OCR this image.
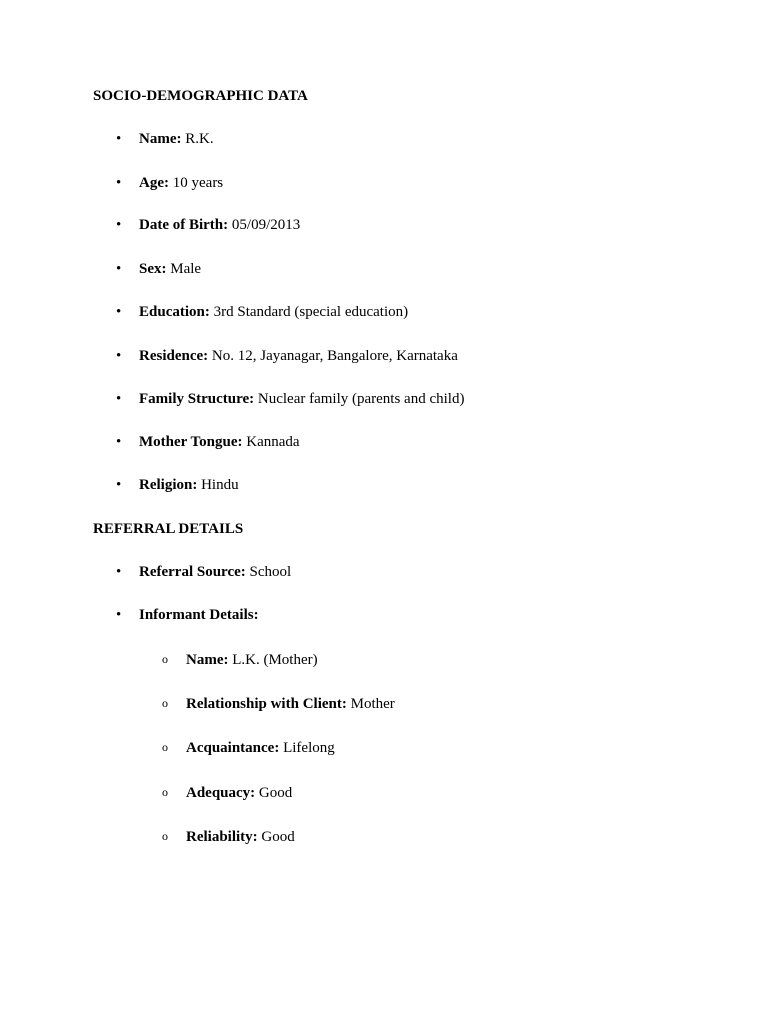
SOCIO-DEMOGRAPHIC DATA
• Name: R.K.
• Age: 10 years
• Date of Birth: 05/09/2013
• Sex: Male
• Education: 3rd Standard (special education)
• Residence: No. 12, Jayanagar, Bangalore, Karnataka
• Family Structure: Nuclear family (parents and child)
• Mother Tongue: Kannada
• Religion: Hindu
REFERRAL DETAILS
• Referral Source: School
• Informant Details:
o Name: L.K. (Mother)
o Relationship with Client: Mother
o Acquaintance: Lifelong
o Adequacy: Good
o Reliability: Good
